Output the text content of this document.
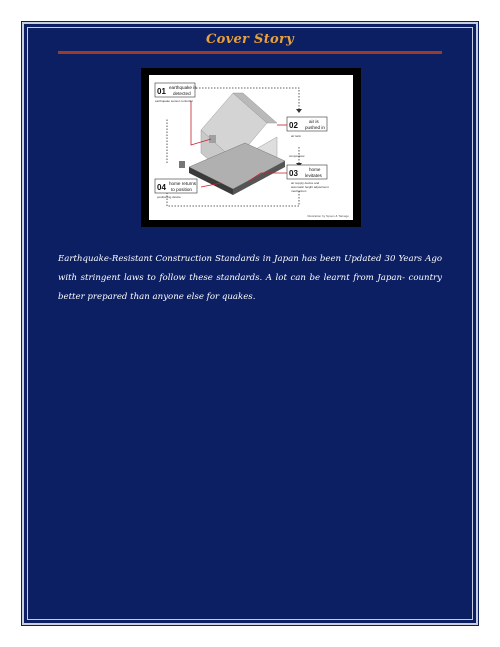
Cover Story
01 earthquake is
detected
earthquake sensor controller
02 air is
pushed in
air tank
compressor
03 home
levitates
air supply device and
automatic height adjustment
mechanism
04 home returns
to position
positioning device
Illustration by Spoon & Tamago

Earthquake-Resistant Construction Standards in Japan has been Updated 30 Years Ago with stringent laws to follow these standards. A lot can be learnt from Japan- country better prepared than anyone else for quakes.
